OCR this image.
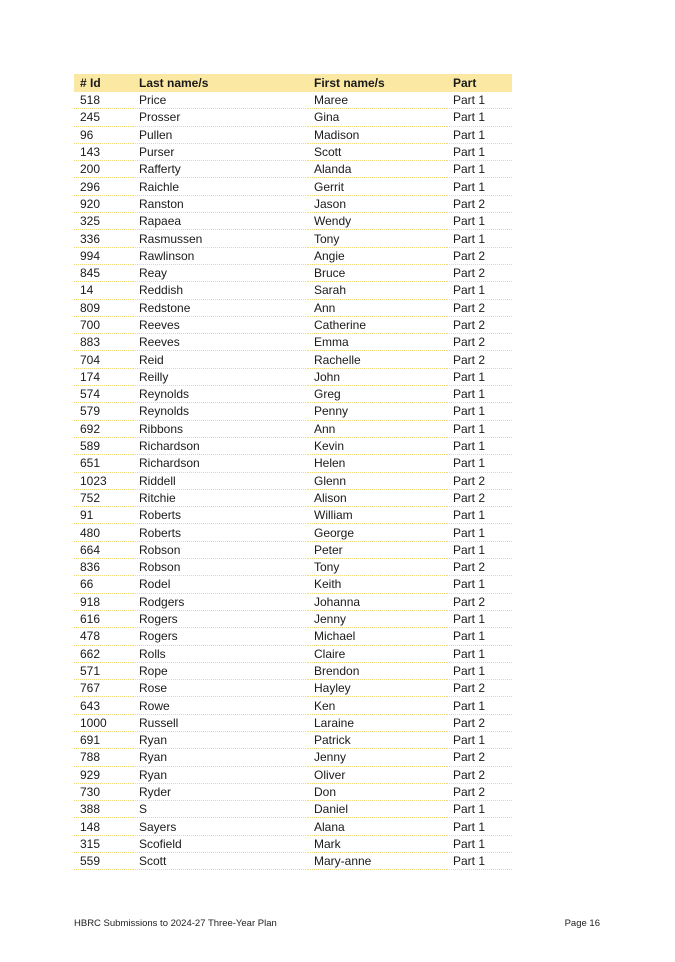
# Id	Last name/s	First name/s	Part
518	Price	Maree	Part 1
245	Prosser	Gina	Part 1
96	Pullen	Madison	Part 1
143	Purser	Scott	Part 1
200	Rafferty	Alanda	Part 1
296	Raichle	Gerrit	Part 1
920	Ranston	Jason	Part 2
325	Rapaea	Wendy	Part 1
336	Rasmussen	Tony	Part 1
994	Rawlinson	Angie	Part 2
845	Reay	Bruce	Part 2
14	Reddish	Sarah	Part 1
809	Redstone	Ann	Part 2
700	Reeves	Catherine	Part 2
883	Reeves	Emma	Part 2
704	Reid	Rachelle	Part 2
174	Reilly	John	Part 1
574	Reynolds	Greg	Part 1
579	Reynolds	Penny	Part 1
692	Ribbons	Ann	Part 1
589	Richardson	Kevin	Part 1
651	Richardson	Helen	Part 1
1023	Riddell	Glenn	Part 2
752	Ritchie	Alison	Part 2
91	Roberts	William	Part 1
480	Roberts	George	Part 1
664	Robson	Peter	Part 1
836	Robson	Tony	Part 2
66	Rodel	Keith	Part 1
918	Rodgers	Johanna	Part 2
616	Rogers	Jenny	Part 1
478	Rogers	Michael	Part 1
662	Rolls	Claire	Part 1
571	Rope	Brendon	Part 1
767	Rose	Hayley	Part 2
643	Rowe	Ken	Part 1
1000	Russell	Laraine	Part 2
691	Ryan	Patrick	Part 1
788	Ryan	Jenny	Part 2
929	Ryan	Oliver	Part 2
730	Ryder	Don	Part 2
388	S	Daniel	Part 1
148	Sayers	Alana	Part 1
315	Scofield	Mark	Part 1
559	Scott	Mary-anne	Part 1
HBRC Submissions to 2024-27 Three-Year Plan	Page 16
